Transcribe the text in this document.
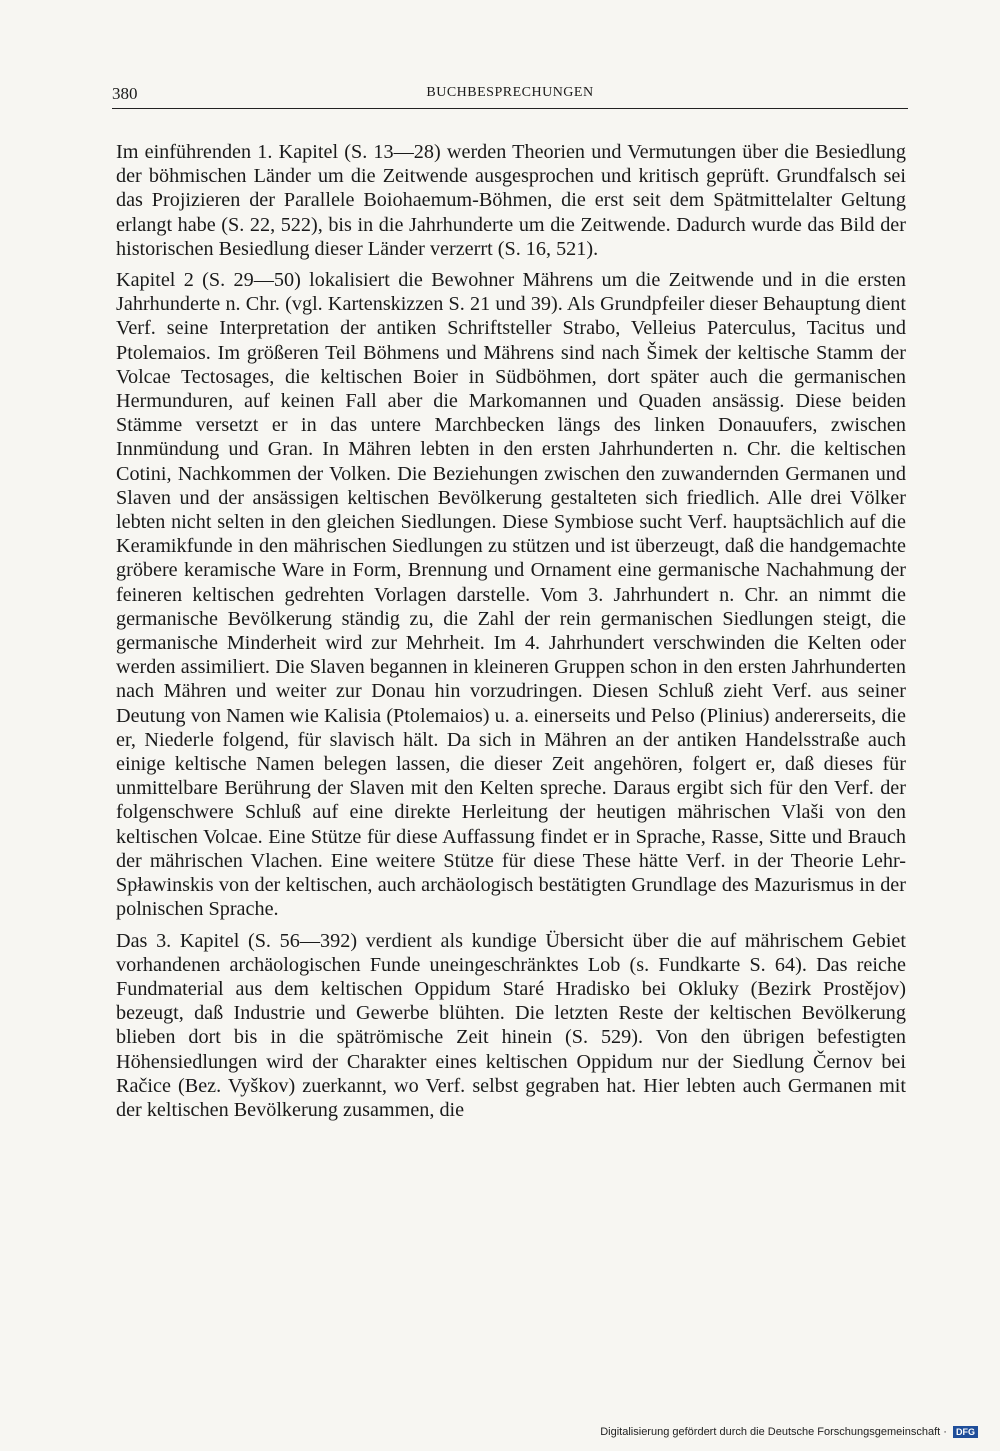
380	BUCHBESPRECHUNGEN

Im einführenden 1. Kapitel (S. 13—28) werden Theorien und Vermutungen über die Besiedlung der böhmischen Länder um die Zeitwende ausgesprochen und kritisch geprüft. Grundfalsch sei das Projizieren der Parallele Boiohaemum-Böhmen, die erst seit dem Spätmittelalter Geltung erlangt habe (S. 22, 522), bis in die Jahrhunderte um die Zeitwende. Dadurch wurde das Bild der historischen Besiedlung dieser Länder verzerrt (S. 16, 521).

Kapitel 2 (S. 29—50) lokalisiert die Bewohner Mährens um die Zeitwende und in die ersten Jahrhunderte n. Chr. (vgl. Kartenskizzen S. 21 und 39). Als Grundpfeiler dieser Behauptung dient Verf. seine Interpretation der antiken Schriftsteller Strabo, Velleius Paterculus, Tacitus und Ptolemaios. Im größeren Teil Böhmens und Mährens sind nach Šimek der keltische Stamm der Volcae Tectosages, die keltischen Boier in Südböhmen, dort später auch die germanischen Hermunduren, auf keinen Fall aber die Markomannen und Quaden ansässig. Diese beiden Stämme versetzt er in das untere Marchbecken längs des linken Donauufers, zwischen Innmündung und Gran. In Mähren lebten in den ersten Jahrhunderten n. Chr. die keltischen Cotini, Nachkommen der Volken. Die Beziehungen zwischen den zuwandernden Germanen und Slaven und der ansässigen keltischen Bevölkerung gestalteten sich friedlich. Alle drei Völker lebten nicht selten in den gleichen Siedlungen. Diese Symbiose sucht Verf. hauptsächlich auf die Keramikfunde in den mährischen Siedlungen zu stützen und ist überzeugt, daß die handgemachte gröbere keramische Ware in Form, Brennung und Ornament eine germanische Nachahmung der feineren keltischen gedrehten Vorlagen darstelle. Vom 3. Jahrhundert n. Chr. an nimmt die germanische Bevölkerung ständig zu, die Zahl der rein germanischen Siedlungen steigt, die germanische Minderheit wird zur Mehrheit. Im 4. Jahrhundert verschwinden die Kelten oder werden assimiliert. Die Slaven begannen in kleineren Gruppen schon in den ersten Jahrhunderten nach Mähren und weiter zur Donau hin vorzudringen. Diesen Schluß zieht Verf. aus seiner Deutung von Namen wie Kalisia (Ptolemaios) u. a. einerseits und Pelso (Plinius) andererseits, die er, Niederle folgend, für slavisch hält. Da sich in Mähren an der antiken Handelsstraße auch einige keltische Namen belegen lassen, die dieser Zeit angehören, folgert er, daß dieses für unmittelbare Berührung der Slaven mit den Kelten spreche. Daraus ergibt sich für den Verf. der folgenschwere Schluß auf eine direkte Herleitung der heutigen mährischen Vlaši von den keltischen Volcae. Eine Stütze für diese Auffassung findet er in Sprache, Rasse, Sitte und Brauch der mährischen Vlachen. Eine weitere Stütze für diese These hätte Verf. in der Theorie Lehr-Spławinskis von der keltischen, auch archäologisch bestätigten Grundlage des Mazurismus in der polnischen Sprache.

Das 3. Kapitel (S. 56—392) verdient als kundige Übersicht über die auf mährischem Gebiet vorhandenen archäologischen Funde uneingeschränktes Lob (s. Fundkarte S. 64). Das reiche Fundmaterial aus dem keltischen Oppidum Staré Hradisko bei Okluky (Bezirk Prostějov) bezeugt, daß Industrie und Gewerbe blühten. Die letzten Reste der keltischen Bevölkerung blieben dort bis in die spätrömische Zeit hinein (S. 529). Von den übrigen befestigten Höhensiedlungen wird der Charakter eines keltischen Oppidum nur der Siedlung Černov bei Račice (Bez. Vyškov) zuerkannt, wo Verf. selbst gegraben hat. Hier lebten auch Germanen mit der keltischen Bevölkerung zusammen, die

Digitalisierung gefördert durch die Deutsche Forschungsgemeinschaft · DFG
